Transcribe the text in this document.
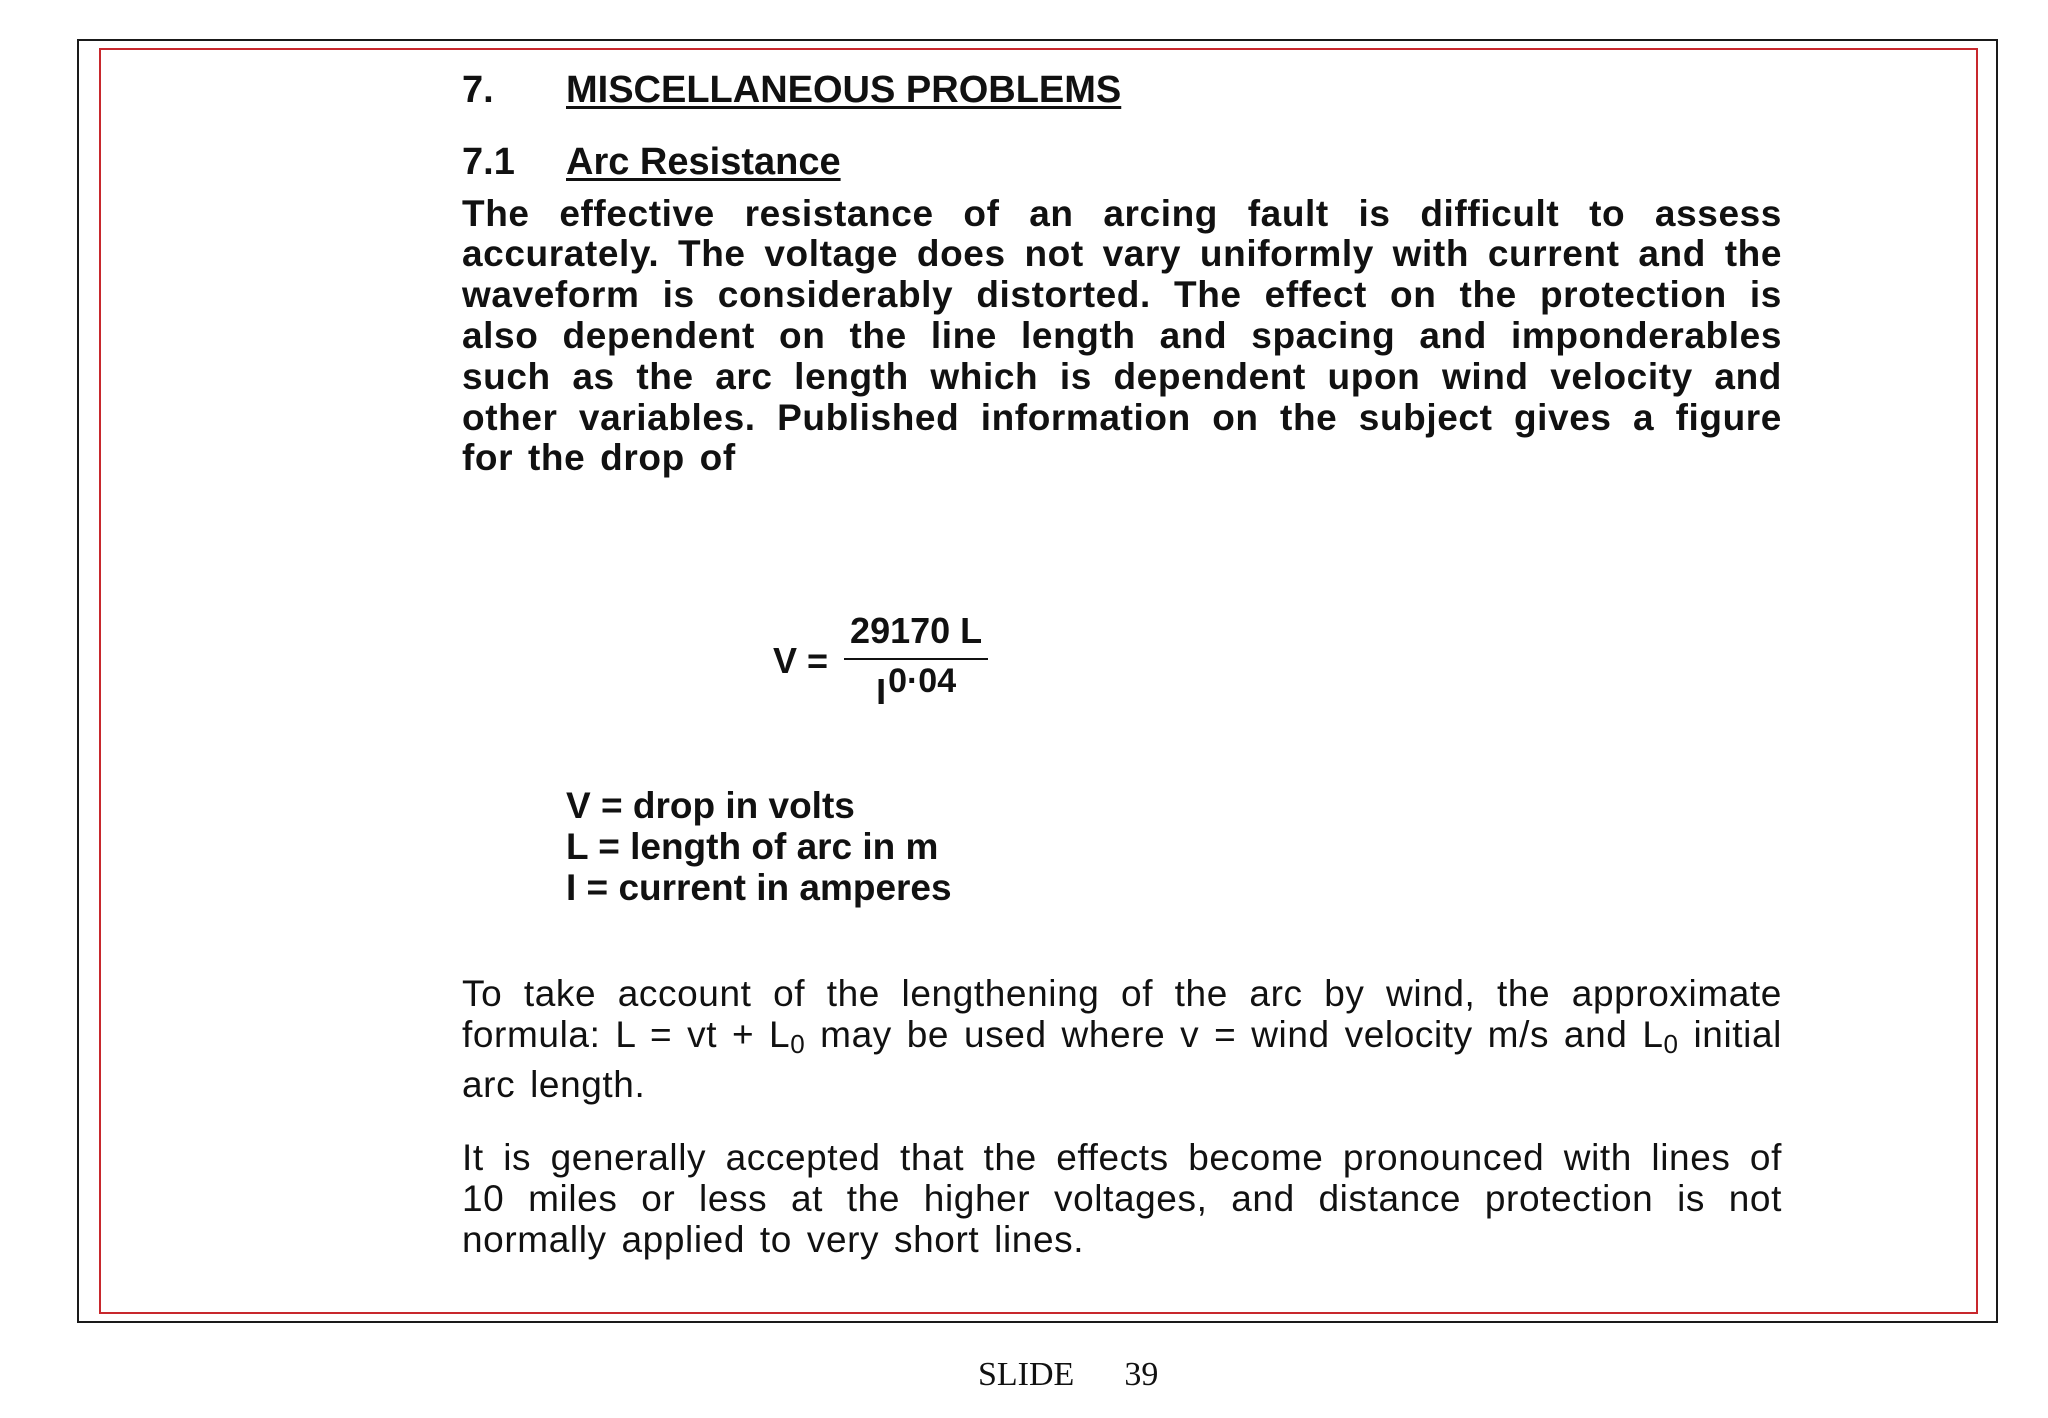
7.	MISCELLANEOUS PROBLEMS
7.1	Arc Resistance

The effective resistance of an arcing fault is difficult to assess accurately. The voltage does not vary uniformly with current and the waveform is considerably distorted. The effect on the protection is also dependent on the line length and spacing and imponderables such as the arc length which is dependent upon wind velocity and other variables. Published information on the subject gives a figure for the drop of

$V = \frac{29170 L}{I^{0\cdot 04}}$
V = drop in volts
L = length of arc in m
I = current in amperes

To take account of the lengthening of the arc by wind, the approximate formula: L = vt + $L_0$ may be used where v = wind velocity m/s and $L_0$ initial arc length.

It is generally accepted that the effects become pronounced with lines of 10 miles or less at the higher voltages, and distance protection is not normally applied to very short lines.

SLIDE 39
